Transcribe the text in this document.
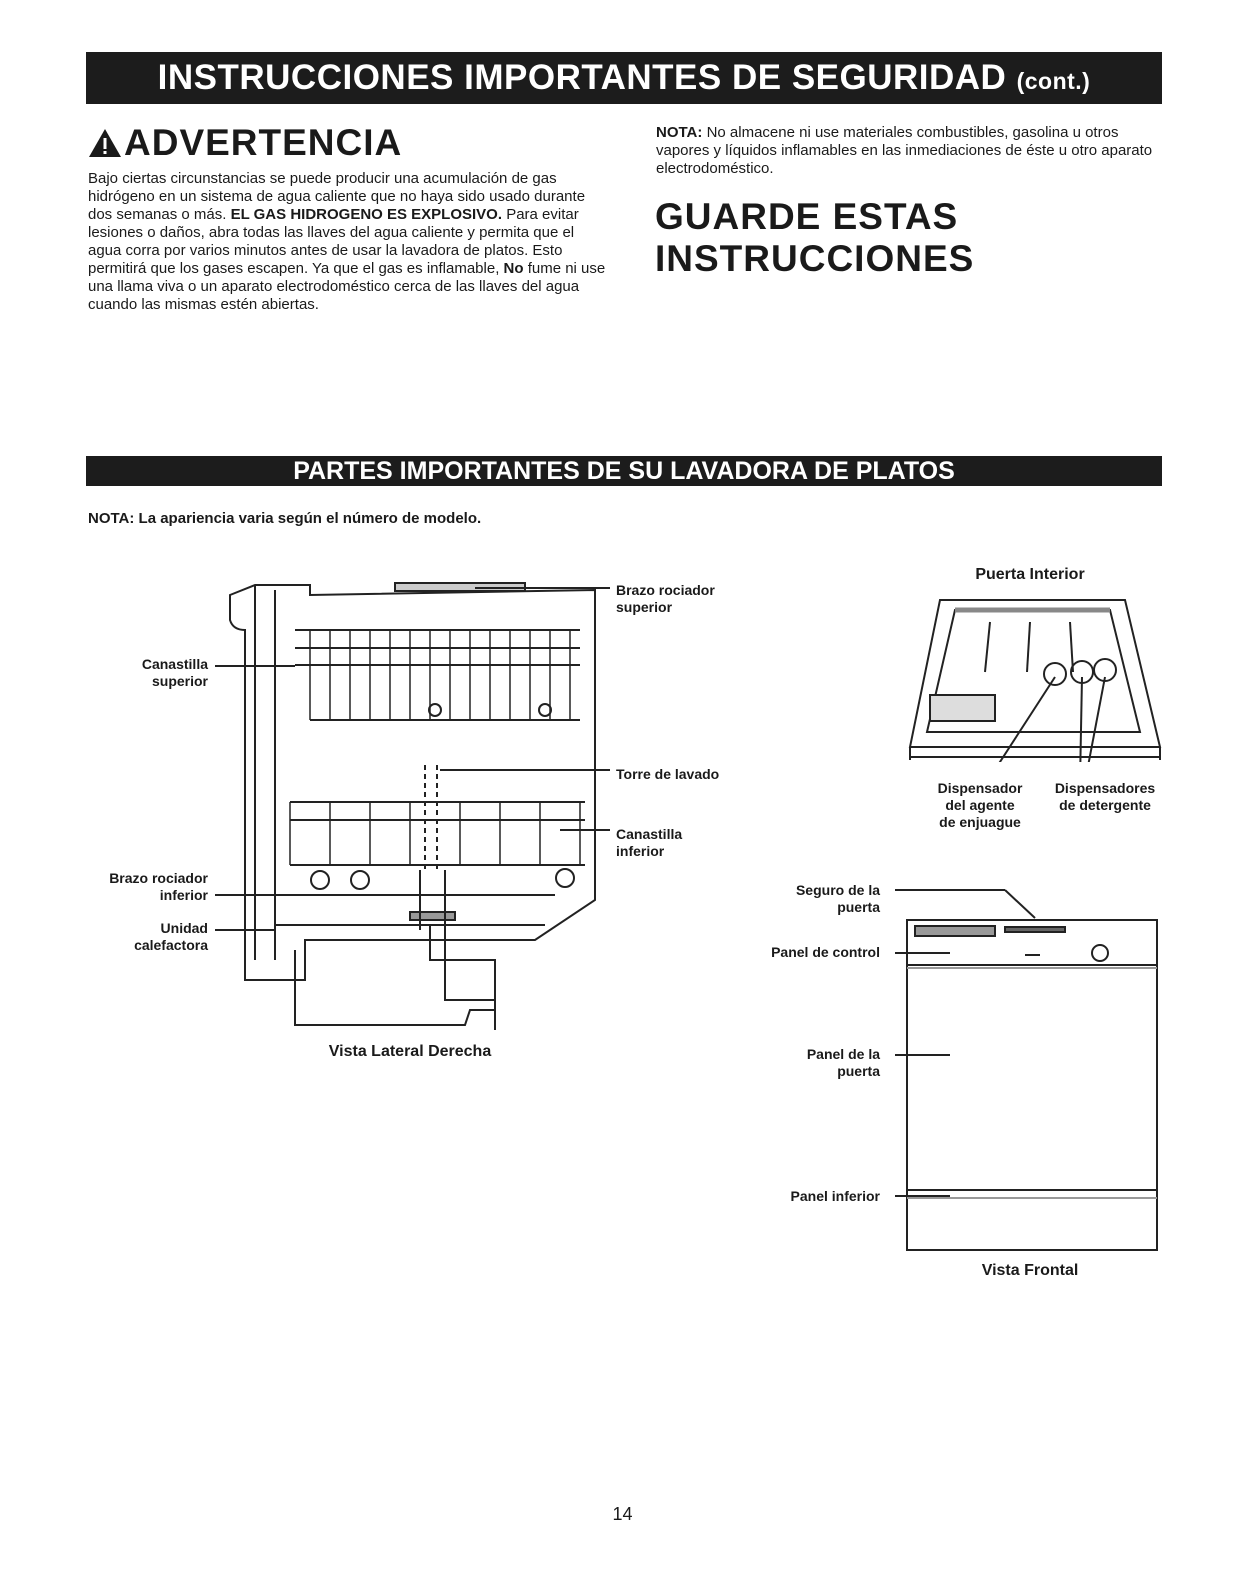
INSTRUCCIONES IMPORTANTES DE SEGURIDAD (cont.)
ADVERTENCIA
Bajo ciertas circunstancias se puede producir una acumulación de gas hidrógeno en un sistema de agua caliente que no haya sido usado durante dos semanas o más. EL GAS HIDROGENO ES EXPLOSIVO. Para evitar lesiones o daños, abra todas las llaves del agua caliente y permita que el agua corra por varios minutos antes de usar la lavadora de platos. Esto permitirá que los gases escapen. Ya que el gas es inflamable, No fume ni use una llama viva o un aparato electrodoméstico cerca de las llaves del agua cuando las mismas estén abiertas.
NOTA: No almacene ni use materiales combustibles, gasolina u otros vapores y líquidos inflamables en las inmediaciones de éste u otro aparato electrodoméstico.
GUARDE ESTAS
INSTRUCCIONES
PARTES IMPORTANTES DE SU LAVADORA DE PLATOS
NOTA: La apariencia varia según el número de modelo.
Brazo rociador
superior
Canastilla
superior
Torre de lavado
Canastilla
inferior
Brazo rociador
inferior
Unidad
calefactora
Vista Lateral Derecha
Puerta Interior
Dispensador
del agente
de enjuague
Dispensadores
de detergente
Seguro de la
puerta
Panel de control
Panel de la
puerta
Panel inferior
Vista Frontal
14
